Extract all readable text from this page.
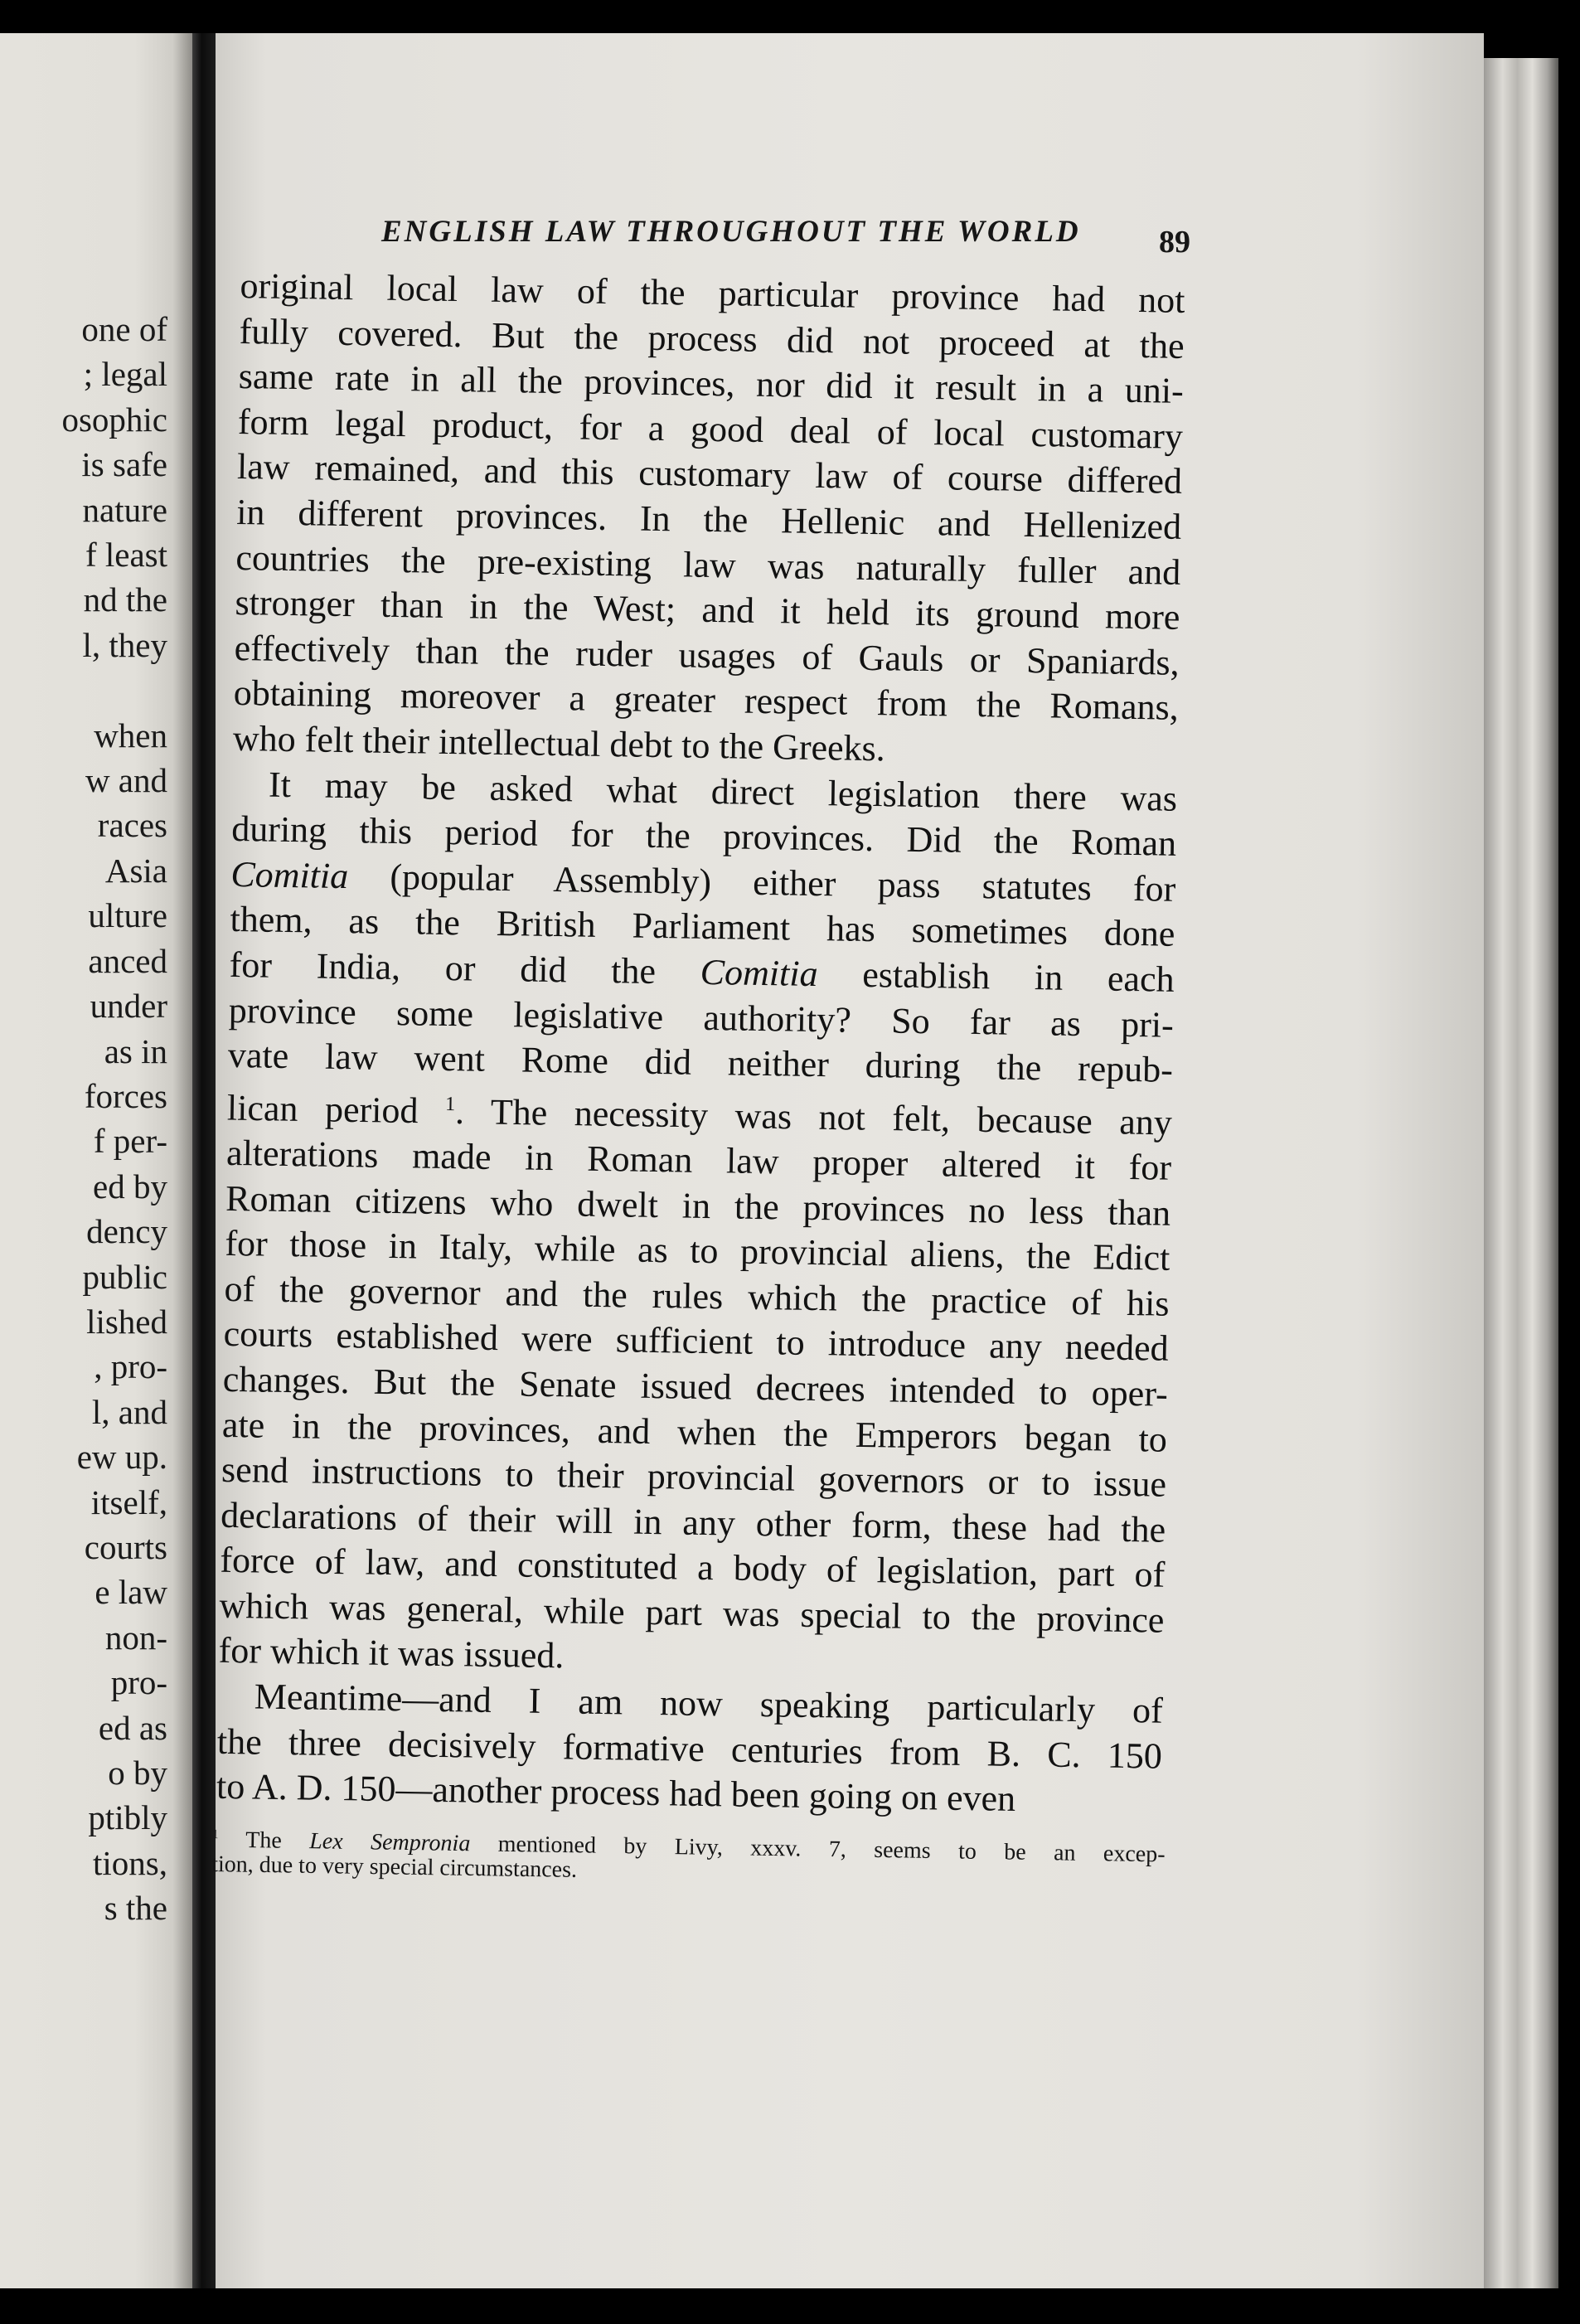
one of
; legal
osophic
is safe
nature
f least
nd the
l, they

when
w and
races
Asia
ulture
anced
under
as in
forces
f per-
ed by
dency
public
lished
, pro-
l, and
ew up.
itself,
courts
e law
non-
pro-
ed as
o by
ptibly
tions,
s the
ENGLISH LAW THROUGHOUT THE WORLD	89

original local law of the particular province had not
fully covered. But the process did not proceed at the
same rate in all the provinces, nor did it result in a uni-
form legal product, for a good deal of local customary
law remained, and this customary law of course differed
in different provinces. In the Hellenic and Hellenized
countries the pre-existing law was naturally fuller and
stronger than in the West; and it held its ground more
effectively than the ruder usages of Gauls or Spaniards,
obtaining moreover a greater respect from the Romans,
who felt their intellectual debt to the Greeks.

It may be asked what direct legislation there was
during this period for the provinces. Did the Roman
Comitia (popular Assembly) either pass statutes for
them, as the British Parliament has sometimes done
for India, or did the Comitia establish in each
province some legislative authority? So far as pri-
vate law went Rome did neither during the repub-
lican period $^1$. The necessity was not felt, because any
alterations made in Roman law proper altered it for
Roman citizens who dwelt in the provinces no less than
for those in Italy, while as to provincial aliens, the Edict
of the governor and the rules which the practice of his
courts established were sufficient to introduce any needed
changes. But the Senate issued decrees intended to oper-
ate in the provinces, and when the Emperors began to
send instructions to their provincial governors or to issue
declarations of their will in any other form, these had the
force of law, and constituted a body of legislation, part of
which was general, while part was special to the province
for which it was issued.

Meantime—and I am now speaking particularly of
the three decisively formative centuries from B. C. 150
to A. D. 150—another process had been going on even

$^1$ The Lex Sempronia mentioned by Livy, xxxv. 7, seems to be an excep-
tion, due to very special circumstances.
